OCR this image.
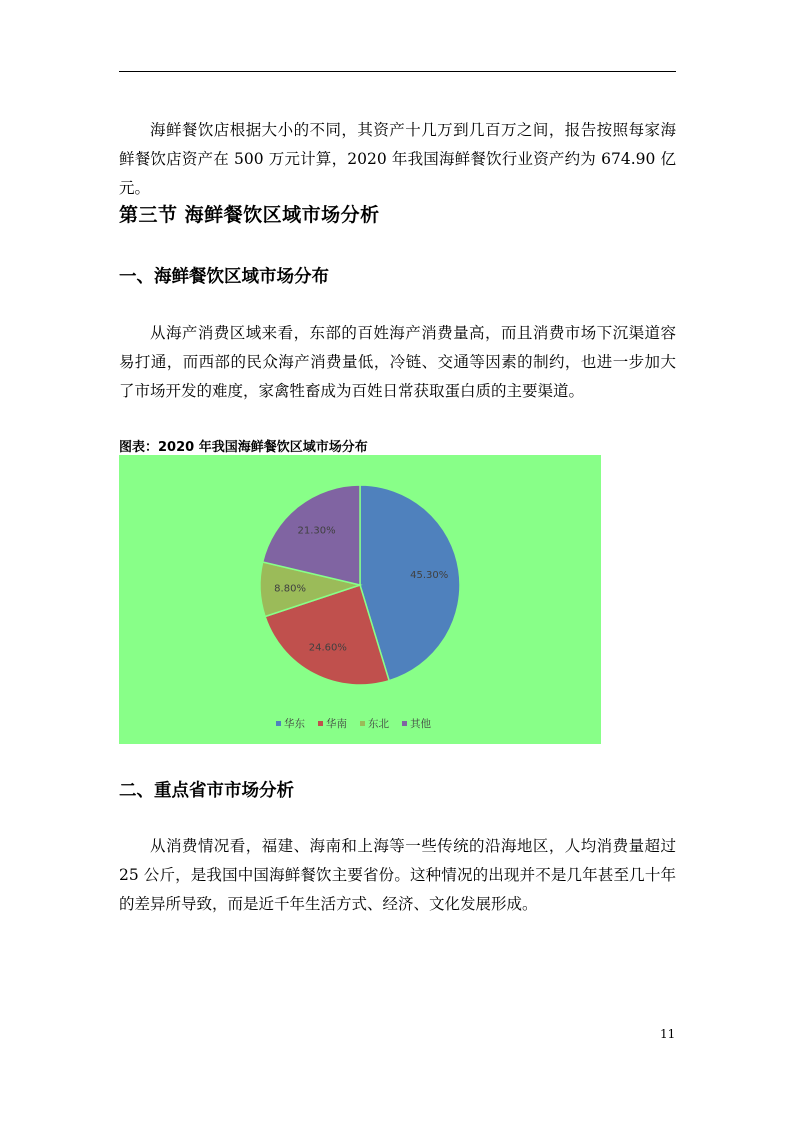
海鲜餐饮店根据大小的不同，其资产十几万到几百万之间，报告按照每家海鲜餐饮店资产在 500 万元计算，2020 年我国海鲜餐饮行业资产约为 674.90 亿元。

第三节 海鲜餐饮区域市场分析
一、海鲜餐饮区域市场分布

从海产消费区域来看，东部的百姓海产消费量高，而且消费市场下沉渠道容易打通，而西部的民众海产消费量低，冷链、交通等因素的制约，也进一步加大了市场开发的难度，家禽牲畜成为百姓日常获取蛋白质的主要渠道。

图表：2020 年我国海鲜餐饮区域市场分布

45.30%
24.60%
8.80%
21.30%
华东 华南 东北 其他
二、重点省市市场分析

从消费情况看，福建、海南和上海等一些传统的沿海地区，人均消费量超过 25 公斤，是我国中国海鲜餐饮主要省份。这种情况的出现并不是几年甚至几十年的差异所导致，而是近千年生活方式、经济、文化发展形成。

11
